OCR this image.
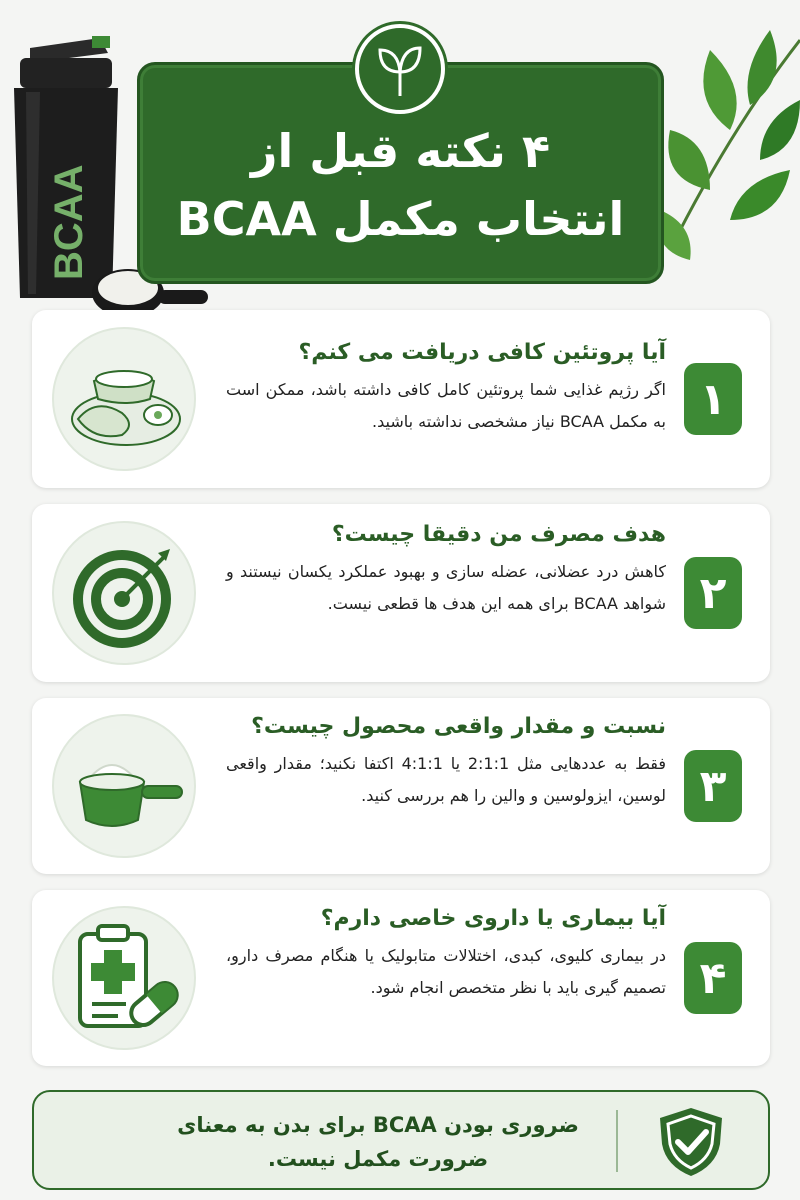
BCAA
۴ نکته قبل از
انتخاب مکمل BCAA
۱
آیا پروتئین کافی دریافت می کنم؟
اگر رژیم غذایی شما پروتئین کامل کافی داشته باشد، ممکن است به مکمل BCAA نیاز مشخصی نداشته باشید.
۲
هدف مصرف من دقیقا چیست؟
کاهش درد عضلانی، عضله سازی و بهبود عملکرد یکسان نیستند و شواهد BCAA برای همه این هدف ها قطعی نیست.
۳
نسبت و مقدار واقعی محصول چیست؟
فقط به عددهایی مثل 2:1:1 یا 4:1:1 اکتفا نکنید؛ مقدار واقعی لوسین، ایزولوسین و والین را هم بررسی کنید.
۴
آیا بیماری یا داروی خاصی دارم؟
در بیماری کلیوی، کبدی، اختلالات متابولیک یا هنگام مصرف دارو، تصمیم گیری باید با نظر متخصص انجام شود.
ضروری بودن BCAA برای بدن به معنای ضرورت مکمل نیست.
